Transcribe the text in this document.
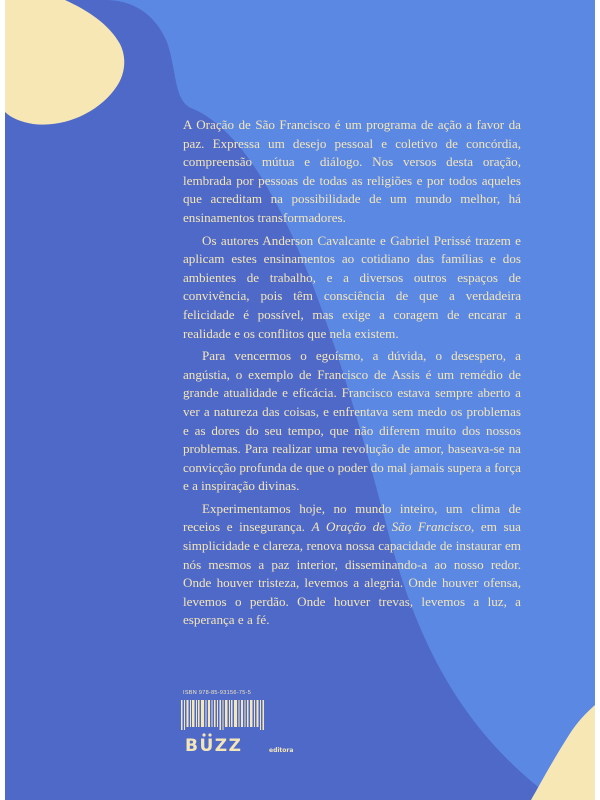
A Oração de São Francisco é um programa de ação a favor da paz. Expressa um desejo pessoal e coletivo de concórdia, compreensão mútua e diálogo. Nos versos desta oração, lembrada por pessoas de todas as religiões e por todos aqueles que acreditam na possibilidade de um mundo melhor, há ensinamentos transformadores.

Os autores Anderson Cavalcante e Gabriel Perissé trazem e aplicam estes ensinamentos ao cotidiano das famílias e dos ambientes de trabalho, e a diversos outros espaços de convivência, pois têm consciência de que a verdadeira felicidade é possível, mas exige a coragem de encarar a realidade e os conflitos que nela existem.

Para vencermos o egoísmo, a dúvida, o desespero, a angústia, o exemplo de Francisco de Assis é um remédio de grande atualidade e eficácia. Francisco estava sempre aberto a ver a natureza das coisas, e enfrentava sem medo os problemas e as dores do seu tempo, que não diferem muito dos nossos problemas. Para realizar uma revolução de amor, baseava-se na convicção profunda de que o poder do mal jamais supera a força e a inspiração divinas.

Experimentamos hoje, no mundo inteiro, um clima de receios e insegurança. A Oração de São Francisco, em sua simplicidade e clareza, renova nossa capacidade de instaurar em nós mesmos a paz interior, disseminando-a ao nosso redor. Onde houver tristeza, levemos a alegria. Onde houver ofensa, levemos o perdão. Onde houver trevas, levemos a luz, a esperança e a fé.

ISBN 978-85-93156-75-5
BUZZ	editora
